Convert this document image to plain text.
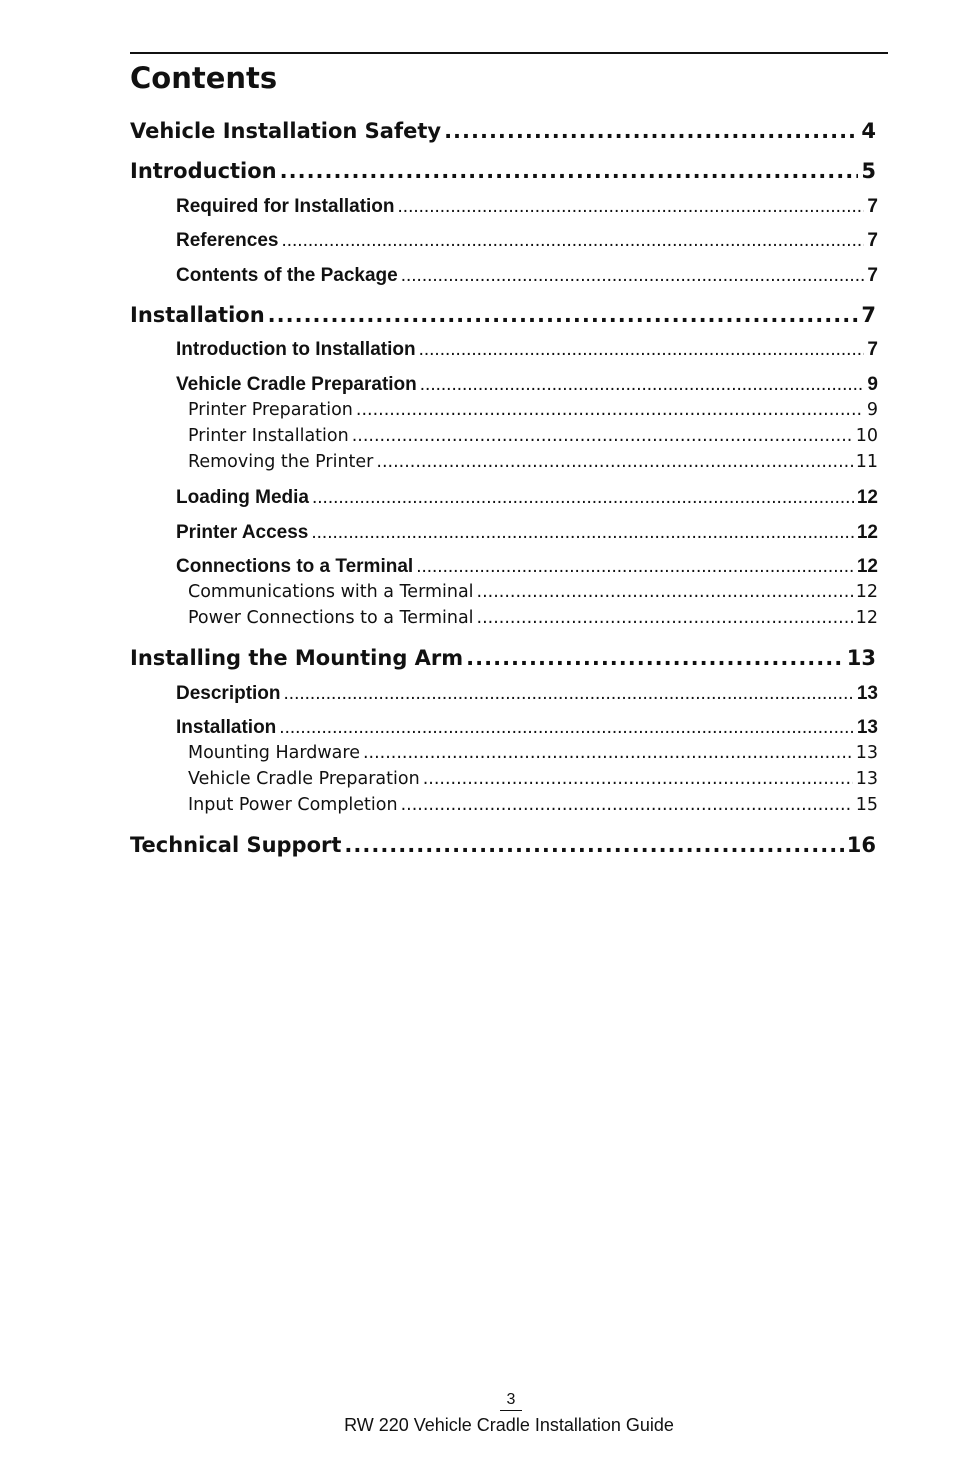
Contents
Vehicle Installation Safety .....	4
Introduction .....	5
Required for Installation .....	7
References .....	7
Contents of the Package .....	7
Installation .....	7
Introduction to Installation .....	7
Vehicle Cradle Preparation .....	9
Printer Preparation .....	9
Printer Installation .....	10
Removing the Printer .....	11
Loading Media .....	12
Printer Access .....	12
Connections to a Terminal .....	12
Communications with a Terminal .....	12
Power Connections to a Terminal .....	12
Installing the Mounting Arm .....	13
Description .....	13
Installation .....	13
Mounting Hardware .....	13
Vehicle Cradle Preparation .....	13
Input Power Completion .....	15
Technical Support .....	16
3
RW 220 Vehicle Cradle Installation Guide
